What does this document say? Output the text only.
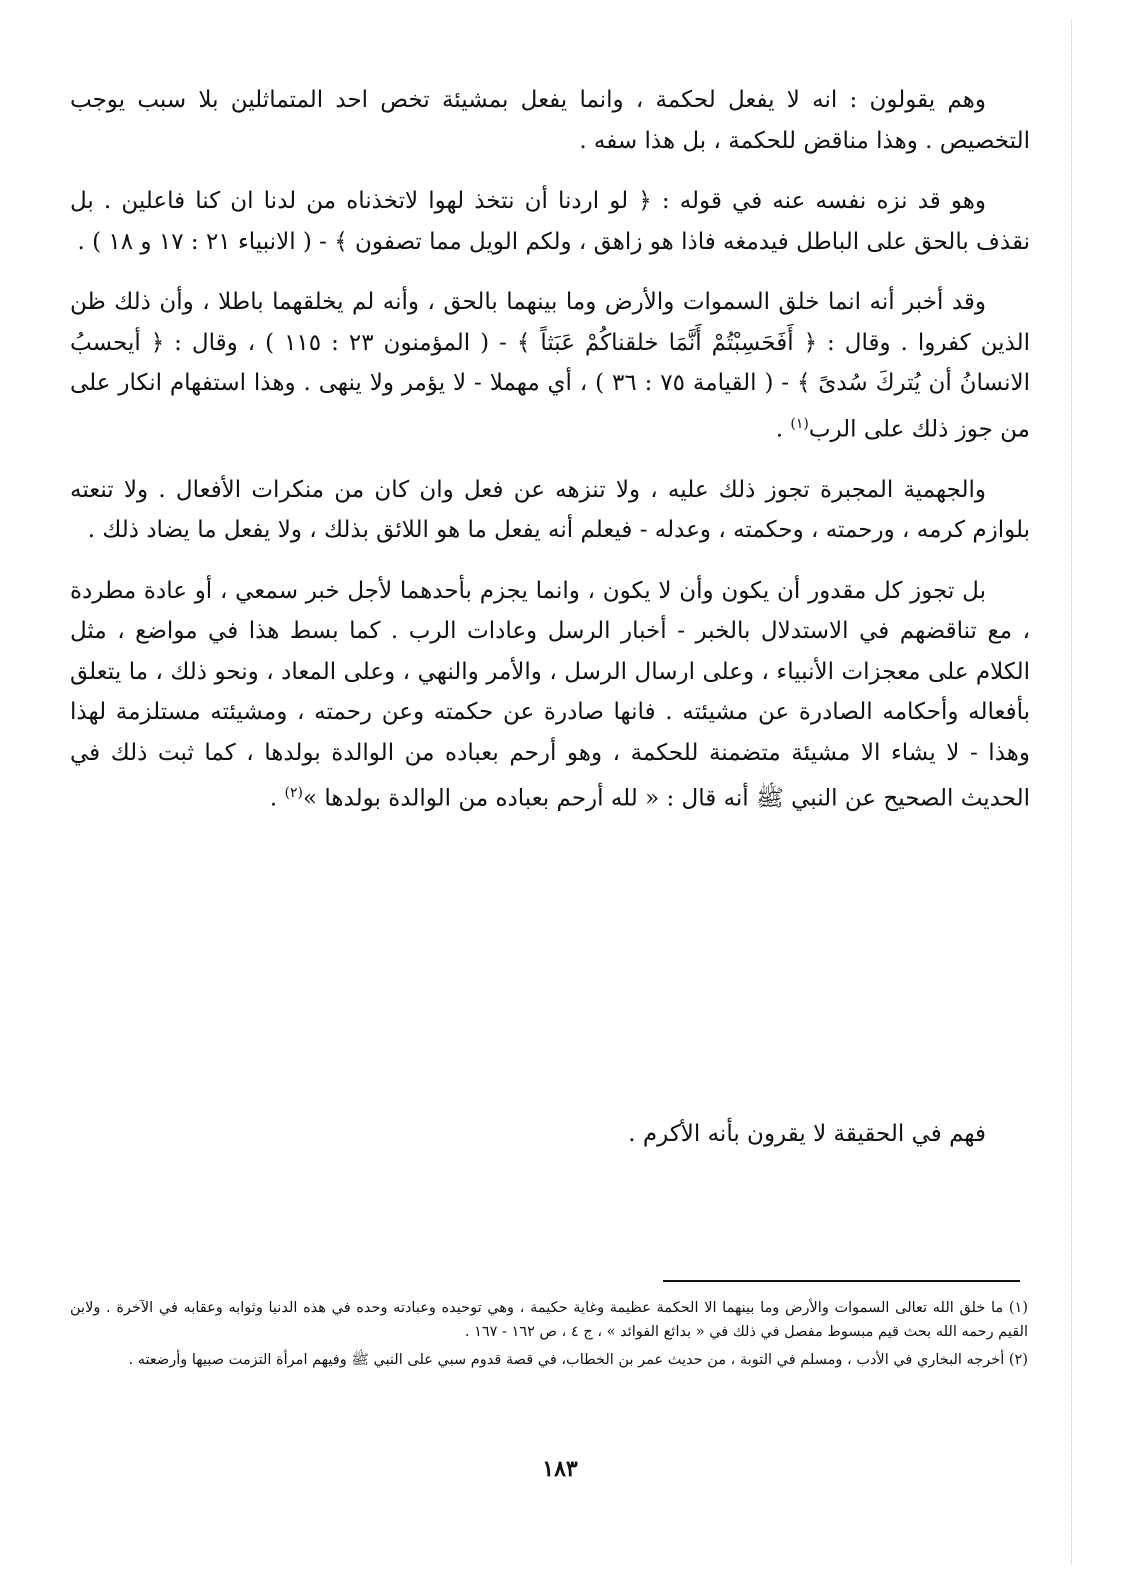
وهم يقولون : انه لا يفعل لحكمة ، وانما يفعل بمشيئة تخص احد المتماثلين بلا سبب يوجب التخصيص . وهذا مناقض للحكمة ، بل هذا سفه .

وهو قد نزه نفسه عنه في قوله : ﴿ لو اردنا أن نتخذ لهوا لاتخذناه من لدنا ان كنا فاعلين . بل نقذف بالحق على الباطل فيدمغه فاذا هو زاهق ، ولكم الويل مما تصفون ﴾ - ( الانبياء ٢١ : ١٧ و ١٨ ) .

وقد أخبر أنه انما خلق السموات والأرض وما بينهما بالحق ، وأنه لم يخلقهما باطلا ، وأن ذلك ظن الذين كفروا . وقال : ﴿ أَفَحَسِبْتُمْ أَنَّمَا خلقناكُمْ عَبَثاً ﴾ - ( المؤمنون ٢٣ : ١١٥ ) ، وقال : ﴿ أيحسبُ الانسانُ أن يُتركَ سُدىً ﴾ - ( القيامة ٧٥ : ٣٦ ) ، أي مهملا - لا يؤمر ولا ينهى . وهذا استفهام انكار على من جوز ذلك على الرب$^{(١)}$ .

والجهمية المجبرة تجوز ذلك عليه ، ولا تنزهه عن فعل وان كان من منكرات الأفعال . ولا تنعته بلوازم كرمه ، ورحمته ، وحكمته ، وعدله - فيعلم أنه يفعل ما هو اللائق بذلك ، ولا يفعل ما يضاد ذلك .

بل تجوز كل مقدور أن يكون وأن لا يكون ، وانما يجزم بأحدهما لأجل خبر سمعي ، أو عادة مطردة ، مع تناقضهم في الاستدلال بالخبر - أخبار الرسل وعادات الرب . كما بسط هذا في مواضع ، مثل الكلام على معجزات الأنبياء ، وعلى ارسال الرسل ، والأمر والنهي ، وعلى المعاد ، ونحو ذلك ، ما يتعلق بأفعاله وأحكامه الصادرة عن مشيئته . فانها صادرة عن حكمته وعن رحمته ، ومشيئته مستلزمة لهذا وهذا - لا يشاء الا مشيئة متضمنة للحكمة ، وهو أرحم بعباده من الوالدة بولدها ، كما ثبت ذلك في الحديث الصحيح عن النبي ﷺ أنه قال : « لله أرحم بعباده من الوالدة بولدها »$^{(٢)}$ .

فهم في الحقيقة لا يقرون بأنه الأكرم .

(١) ما خلق الله تعالى السموات والأرض وما بينهما الا الحكمة عظيمة وغاية حكيمة ، وهي توحيده وعبادته وحده في هذه الدنيا وثوابه وعقابه في الآخرة . ولابن القيم رحمه الله بحث قيم مبسوط مفصل في ذلك في « بدائع الفوائد » ، ج ٤ ، ص ١٦٢ - ١٦٧ .

(٢) أخرجه البخاري في الأدب ، ومسلم في التوبة ، من حديث عمر بن الخطاب، في قصة قدوم سبي على النبي ﷺ وفيهم امرأة التزمت صبيها وأرضعته .

١٨٣
